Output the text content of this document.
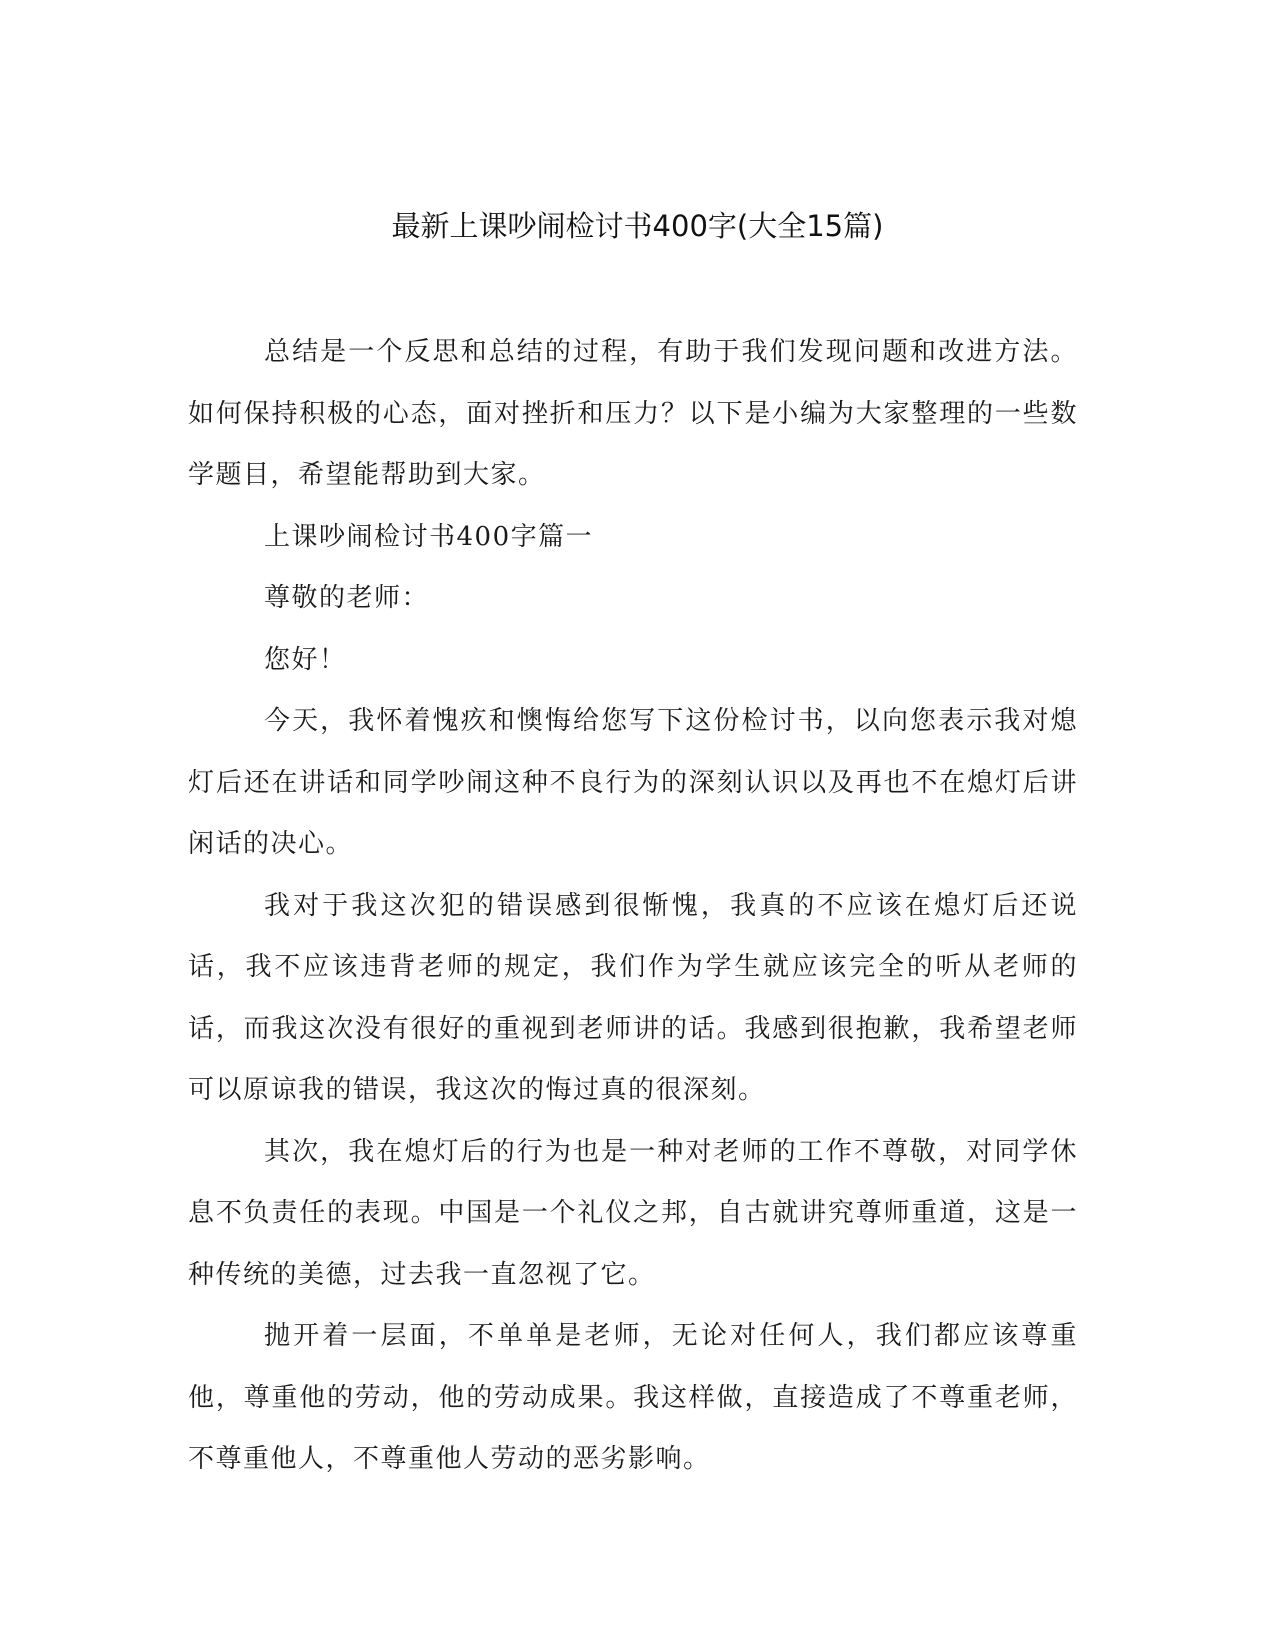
最新上课吵闹检讨书400字(大全15篇)

总结是一个反思和总结的过程，有助于我们发现问题和改进方法。如何保持积极的心态，面对挫折和压力？以下是小编为大家整理的一些数学题目，希望能帮助到大家。

上课吵闹检讨书400字篇一

尊敬的老师：

您好！

今天，我怀着愧疚和懊悔给您写下这份检讨书，以向您表示我对熄灯后还在讲话和同学吵闹这种不良行为的深刻认识以及再也不在熄灯后讲闲话的决心。

我对于我这次犯的错误感到很惭愧，我真的不应该在熄灯后还说话，我不应该违背老师的规定，我们作为学生就应该完全的听从老师的话，而我这次没有很好的重视到老师讲的话。我感到很抱歉，我希望老师可以原谅我的错误，我这次的悔过真的很深刻。

其次，我在熄灯后的行为也是一种对老师的工作不尊敬，对同学休息不负责任的表现。中国是一个礼仪之邦，自古就讲究尊师重道，这是一种传统的美德，过去我一直忽视了它。

抛开着一层面，不单单是老师，无论对任何人，我们都应该尊重他，尊重他的劳动，他的劳动成果。我这样做，直接造成了不尊重老师，不尊重他人，不尊重他人劳动的恶劣影响。
